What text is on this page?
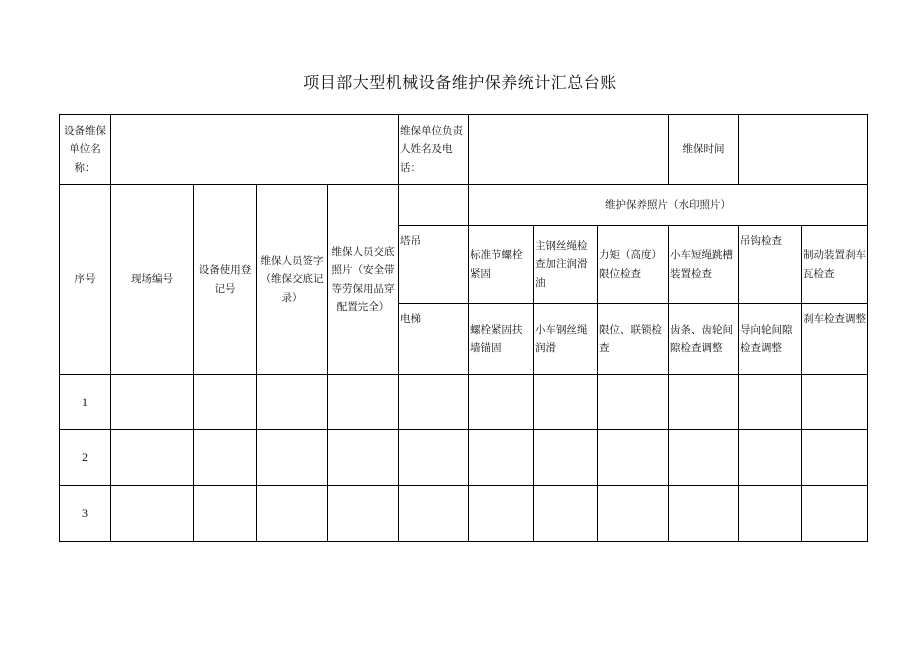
项目部大型机械设备维护保养统计汇总台账
设备维保单位名称：					维保单位负责人姓名及电话：				维保时间		
序号	现场编号	设备使用登记号	维保人员签字（维保交底记录）	维保人员交底照片（安全带等劳保用品穿配置完全）		维护保养照片（水印照片）					
					塔吊	标准节螺栓紧固	主钢丝绳检查加注润滑油	力矩（高度）限位检查	小车短绳跳槽装置检查	吊钩检查	制动装置刹车瓦检查
					电梯	螺栓紧固扶墙锚固	小车钢丝绳润滑	限位、联锁检查	齿条、齿轮间隙检查调整	导向轮间隙检查调整	刹车检查调整
1											
2											
3											
